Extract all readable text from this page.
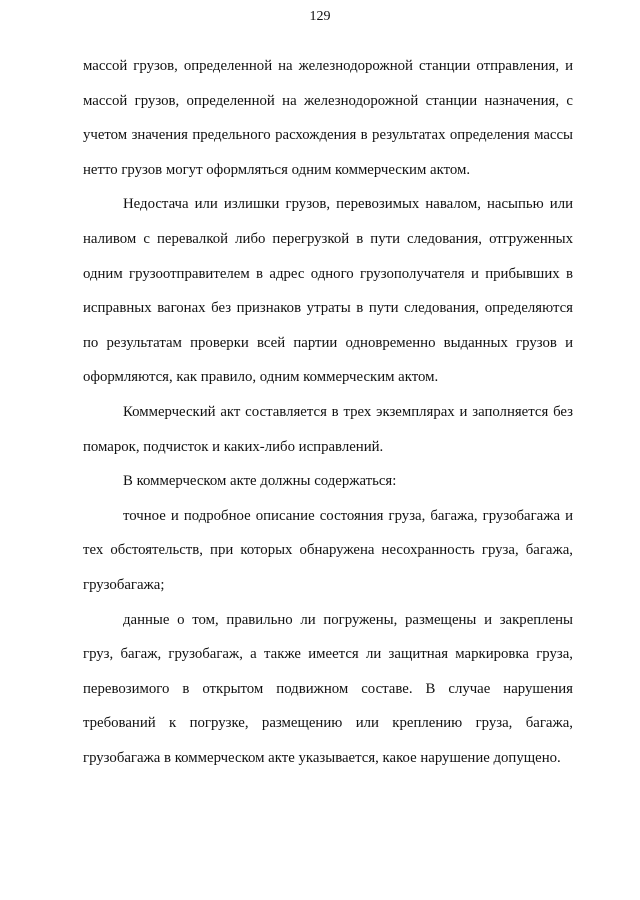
129

массой грузов, определенной на железнодорожной станции отправления, и массой грузов, определенной на железнодорожной станции назначения, с учетом значения предельного расхождения в результатах определения массы нетто грузов могут оформляться одним коммерческим актом.

Недостача или излишки грузов, перевозимых навалом, насыпью или наливом с перевалкой либо перегрузкой в пути следования, отгруженных одним грузоотправителем в адрес одного грузополучателя и прибывших в исправных вагонах без признаков утраты в пути следования, определяются по результатам проверки всей партии одновременно выданных грузов и оформляются, как правило, одним коммерческим актом.

Коммерческий акт составляется в трех экземплярах и заполняется без помарок, подчисток и каких-либо исправлений.

В коммерческом акте должны содержаться:

точное и подробное описание состояния груза, багажа, грузобагажа и тех обстоятельств, при которых обнаружена несохранность груза, багажа, грузобагажа;

данные о том, правильно ли погружены, размещены и закреплены груз, багаж, грузобагаж, а также имеется ли защитная маркировка груза, перевозимого в открытом подвижном составе. В случае нарушения требований к погрузке, размещению или креплению груза, багажа, грузобагажа в коммерческом акте указывается, какое нарушение допущено.
